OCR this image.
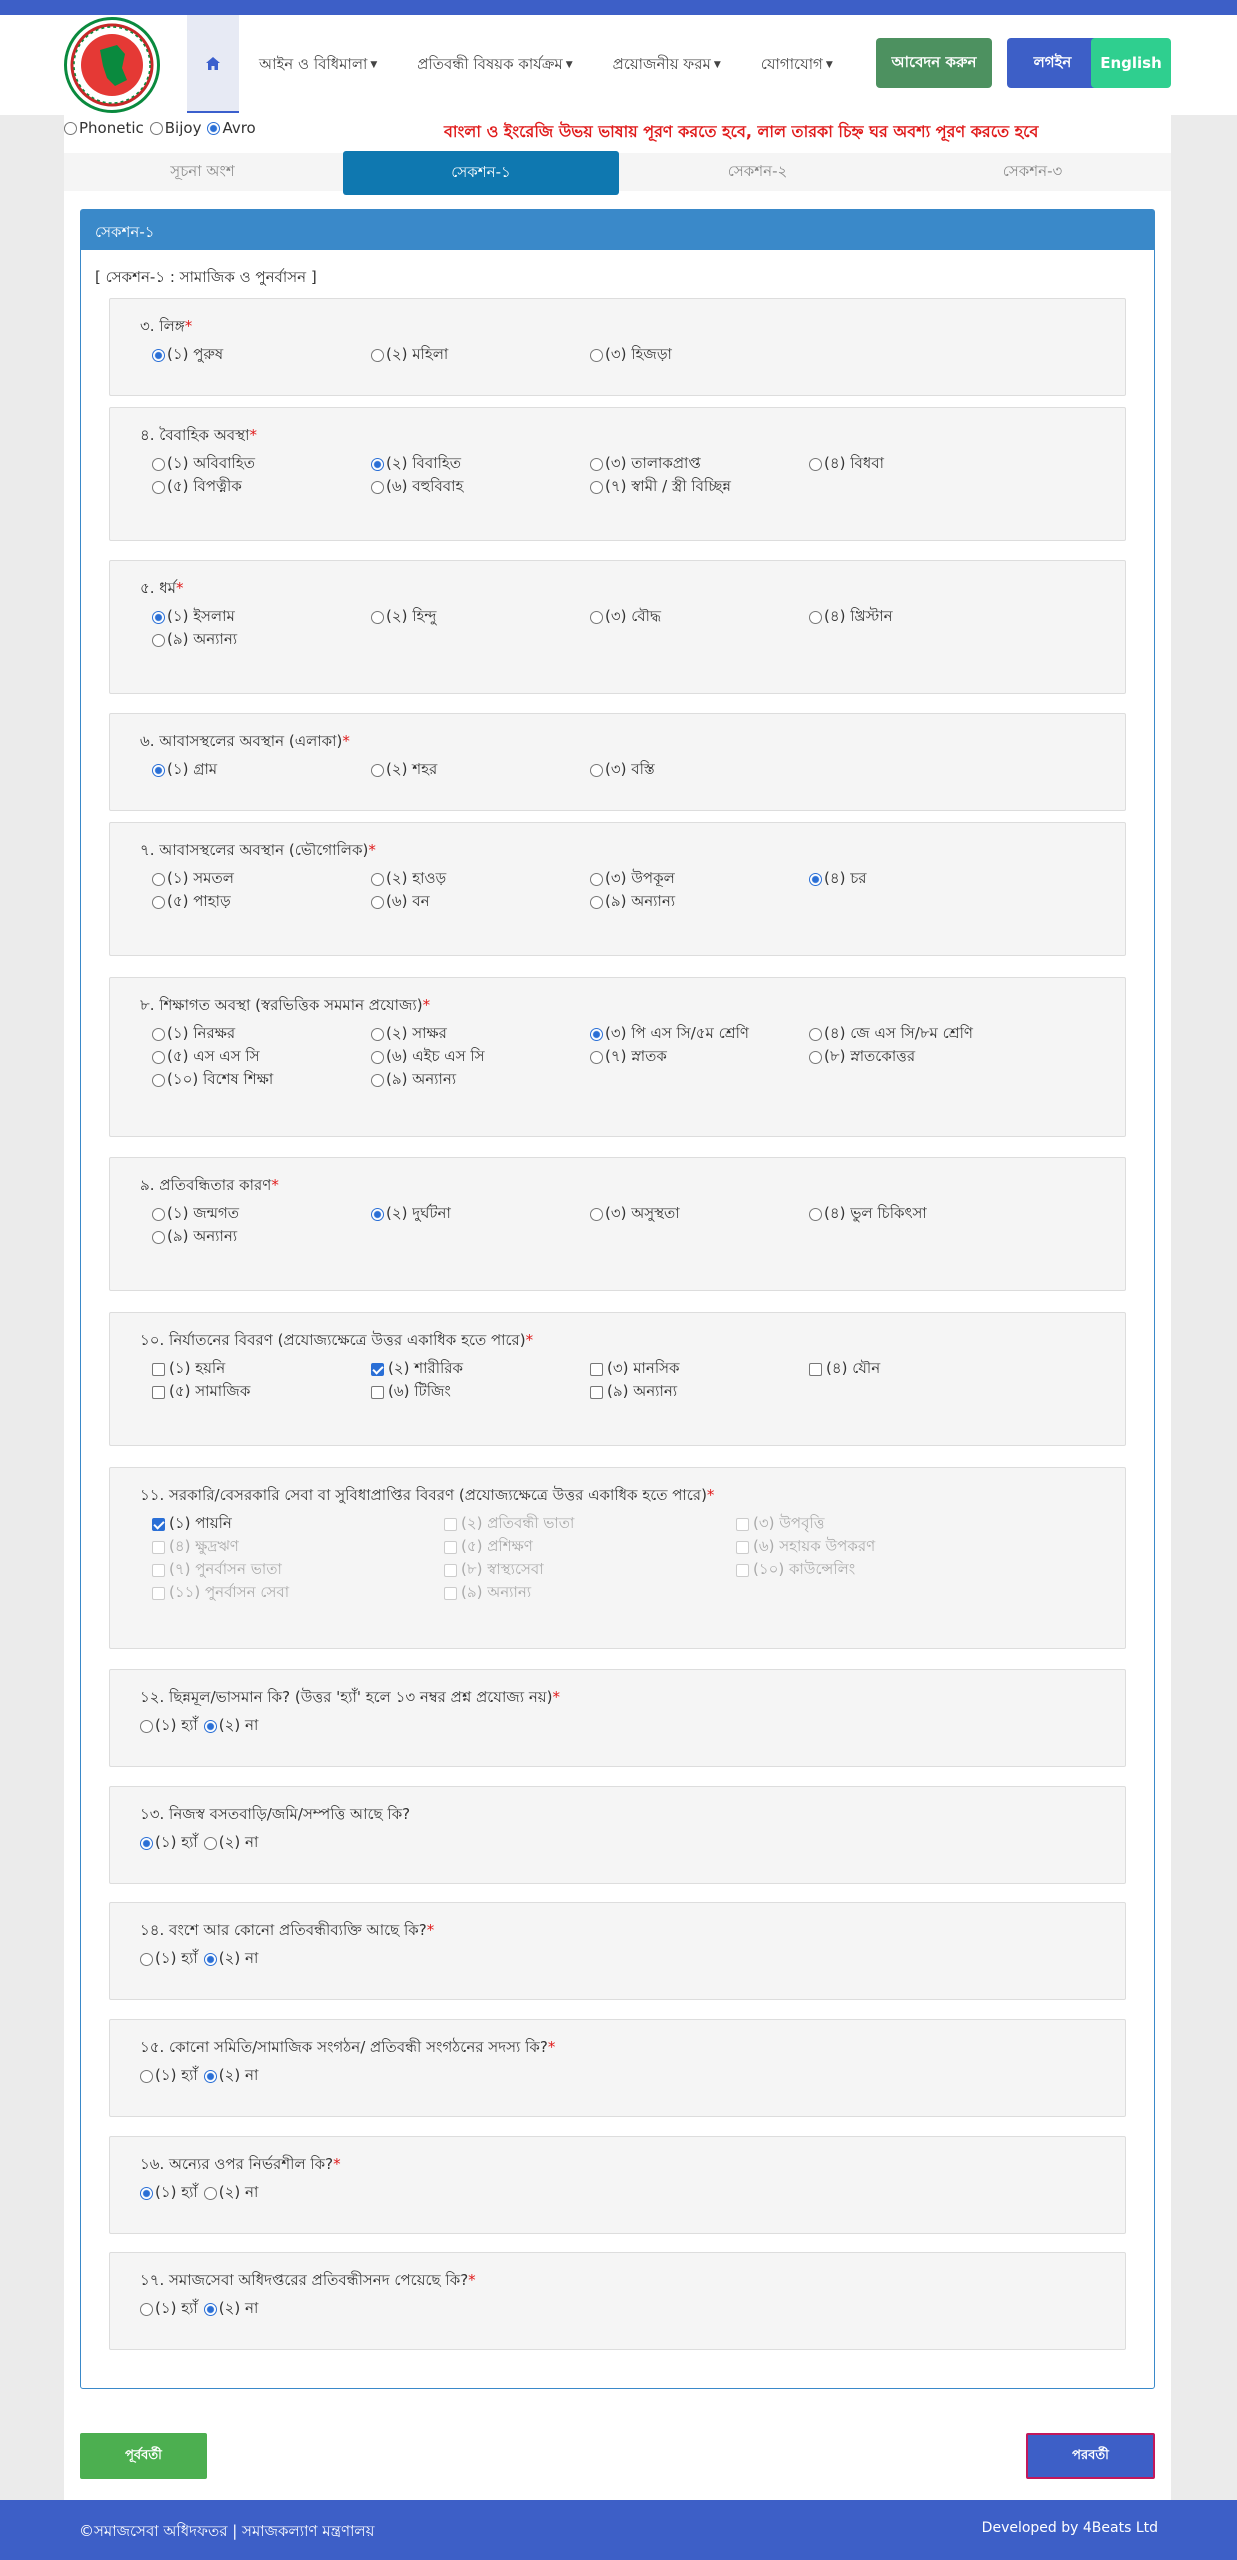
আইন ও বিধিমালা ▼	প্রতিবন্ধী বিষয়ক কার্যক্রম ▼	প্রয়োজনীয় ফরম ▼	যোগাযোগ ▼	আবেদন করুন	লগইন	English
Phonetic Bijoy Avro	বাংলা ও ইংরেজি উভয় ভাষায় পূরণ করতে হবে, লাল তারকা চিহ্ন ঘর অবশ্য পূরণ করতে হবে
সূচনা অংশ	সেকশন-১	সেকশন-২	সেকশন-৩
সেকশন-১
[ সেকশন-১ : সামাজিক ও পুনর্বাসন ]
৩. লিঙ্গ*
(১) পুরুষ	(২) মহিলা	(৩) হিজড়া
৪. বৈবাহিক অবস্থা*
(১) অবিবাহিত	(২) বিবাহিত	(৩) তালাকপ্রাপ্ত	(৪) বিধবা
(৫) বিপত্নীক	(৬) বহুবিবাহ	(৭) স্বামী / স্ত্রী বিচ্ছিন্ন
৫. ধর্ম*
(১) ইসলাম	(২) হিন্দু	(৩) বৌদ্ধ	(৪) খ্রিস্টান
(৯) অন্যান্য
৬. আবাসস্থলের অবস্থান (এলাকা)*
(১) গ্রাম	(২) শহর	(৩) বস্তি
৭. আবাসস্থলের অবস্থান (ভৌগোলিক)*
(১) সমতল	(২) হাওড়	(৩) উপকূল	(৪) চর
(৫) পাহাড়	(৬) বন	(৯) অন্যান্য
৮. শিক্ষাগত অবস্থা (স্বরভিত্তিক সমমান প্রযোজ্য)*
(১) নিরক্ষর	(২) সাক্ষর	(৩) পি এস সি/৫ম শ্রেণি	(৪) জে এস সি/৮ম শ্রেণি
(৫) এস এস সি	(৬) এইচ এস সি	(৭) স্নাতক	(৮) স্নাতকোত্তর
(১০) বিশেষ শিক্ষা	(৯) অন্যান্য
৯. প্রতিবন্ধিতার কারণ*
(১) জন্মগত	(২) দুর্ঘটনা	(৩) অসুস্থতা	(৪) ভুল চিকিৎসা
(৯) অন্যান্য
১০. নির্যাতনের বিবরণ (প্রযোজ্যক্ষেত্রে উত্তর একাধিক হতে পারে)*
(১) হয়নি	(২) শারীরিক	(৩) মানসিক	(৪) যৌন
(৫) সামাজিক	(৬) টিজিং	(৯) অন্যান্য
১১. সরকারি/বেসরকারি সেবা বা সুবিধাপ্রাপ্তির বিবরণ (প্রযোজ্যক্ষেত্রে উত্তর একাধিক হতে পারে)*
(১) পায়নি	(২) প্রতিবন্ধী ভাতা	(৩) উপবৃত্তি
(৪) ক্ষুদ্রঋণ	(৫) প্রশিক্ষণ	(৬) সহায়ক উপকরণ
(৭) পুনর্বাসন ভাতা	(৮) স্বাস্থ্যসেবা	(১০) কাউন্সেলিং
(১১) পুনর্বাসন সেবা	(৯) অন্যান্য
১২. ছিন্নমূল/ভাসমান কি? (উত্তর 'হ্যাঁ' হলে ১৩ নম্বর প্রশ্ন প্রযোজ্য নয়)*
(১) হ্যাঁ (২) না
১৩. নিজস্ব বসতবাড়ি/জমি/সম্পত্তি আছে কি?
(১) হ্যাঁ (২) না
১৪. বংশে আর কোনো প্রতিবন্ধীব্যক্তি আছে কি?*
(১) হ্যাঁ (২) না
১৫. কোনো সমিতি/সামাজিক সংগঠন/ প্রতিবন্ধী সংগঠনের সদস্য কি?*
(১) হ্যাঁ (২) না
১৬. অন্যের ওপর নির্ভরশীল কি?*
(১) হ্যাঁ (২) না
১৭. সমাজসেবা অধিদপ্তরের প্রতিবন্ধীসনদ পেয়েছে কি?*
(১) হ্যাঁ (২) না
পূর্ববর্তী	পরবর্তী
©সমাজসেবা অধিদফতর | সমাজকল্যাণ মন্ত্রণালয়	Developed by 4Beats Ltd
